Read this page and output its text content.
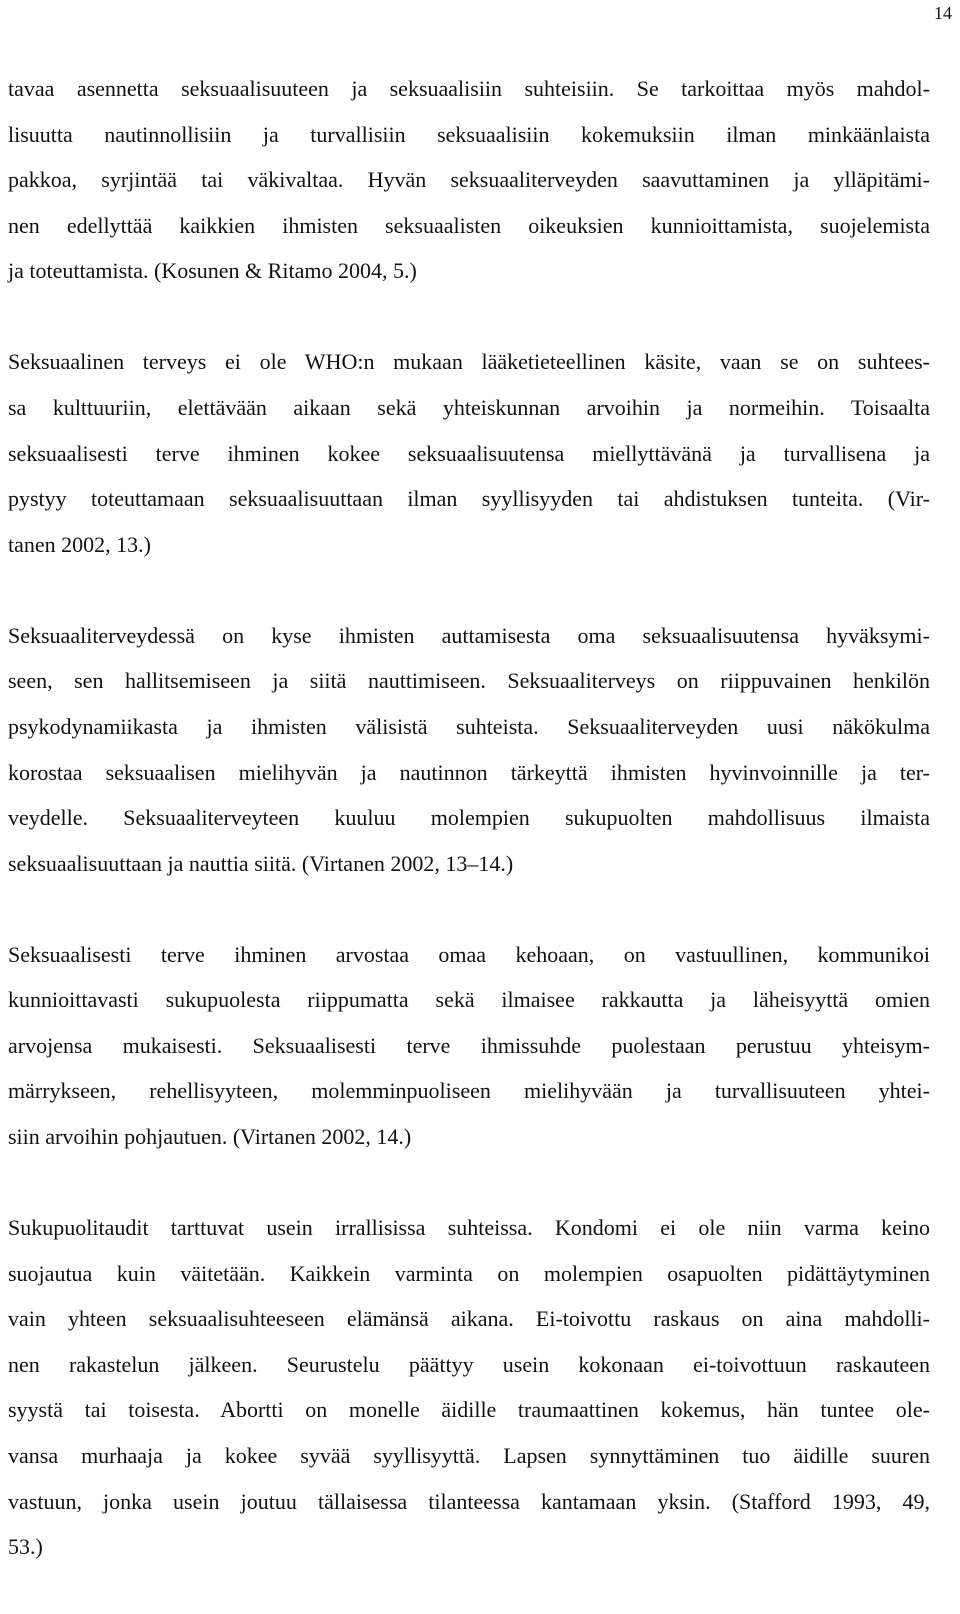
14

tavaa asennetta seksuaalisuuteen ja seksuaalisiin suhteisiin. Se tarkoittaa myös mahdol-
lisuutta nautinnollisiin ja turvallisiin seksuaalisiin kokemuksiin ilman minkäänlaista
pakkoa, syrjintää tai väkivaltaa. Hyvän seksuaaliterveyden saavuttaminen ja ylläpitämi-
nen edellyttää kaikkien ihmisten seksuaalisten oikeuksien kunnioittamista, suojelemista
ja toteuttamista. (Kosunen & Ritamo 2004, 5.)

Seksuaalinen terveys ei ole WHO:n mukaan lääketieteellinen käsite, vaan se on suhtees-
sa kulttuuriin, elettävään aikaan sekä yhteiskunnan arvoihin ja normeihin. Toisaalta
seksuaalisesti terve ihminen kokee seksuaalisuutensa miellyttävänä ja turvallisena ja
pystyy toteuttamaan seksuaalisuuttaan ilman syyllisyyden tai ahdistuksen tunteita. (Vir-
tanen 2002, 13.)

Seksuaaliterveydessä on kyse ihmisten auttamisesta oma seksuaalisuutensa hyväksymi-
seen, sen hallitsemiseen ja siitä nauttimiseen. Seksuaaliterveys on riippuvainen henkilön
psykodynamiikasta ja ihmisten välisistä suhteista. Seksuaaliterveyden uusi näkökulma
korostaa seksuaalisen mielihyvän ja nautinnon tärkeyttä ihmisten hyvinvoinnille ja ter-
veydelle. Seksuaaliterveyteen kuuluu molempien sukupuolten mahdollisuus ilmaista
seksuaalisuuttaan ja nauttia siitä. (Virtanen 2002, 13–14.)

Seksuaalisesti terve ihminen arvostaa omaa kehoaan, on vastuullinen, kommunikoi
kunnioittavasti sukupuolesta riippumatta sekä ilmaisee rakkautta ja läheisyyttä omien
arvojensa mukaisesti. Seksuaalisesti terve ihmissuhde puolestaan perustuu yhteisym-
märrykseen, rehellisyyteen, molemminpuoliseen mielihyvään ja turvallisuuteen yhtei-
siin arvoihin pohjautuen. (Virtanen 2002, 14.)

Sukupuolitaudit tarttuvat usein irrallisissa suhteissa. Kondomi ei ole niin varma keino
suojautua kuin väitetään. Kaikkein varminta on molempien osapuolten pidättäytyminen
vain yhteen seksuaalisuhteeseen elämänsä aikana. Ei-toivottu raskaus on aina mahdolli-
nen rakastelun jälkeen. Seurustelu päättyy usein kokonaan ei-toivottuun raskauteen
syystä tai toisesta. Abortti on monelle äidille traumaattinen kokemus, hän tuntee ole-
vansa murhaaja ja kokee syvää syyllisyyttä. Lapsen synnyttäminen tuo äidille suuren
vastuun, jonka usein joutuu tällaisessa tilanteessa kantamaan yksin. (Stafford 1993, 49,
53.)
